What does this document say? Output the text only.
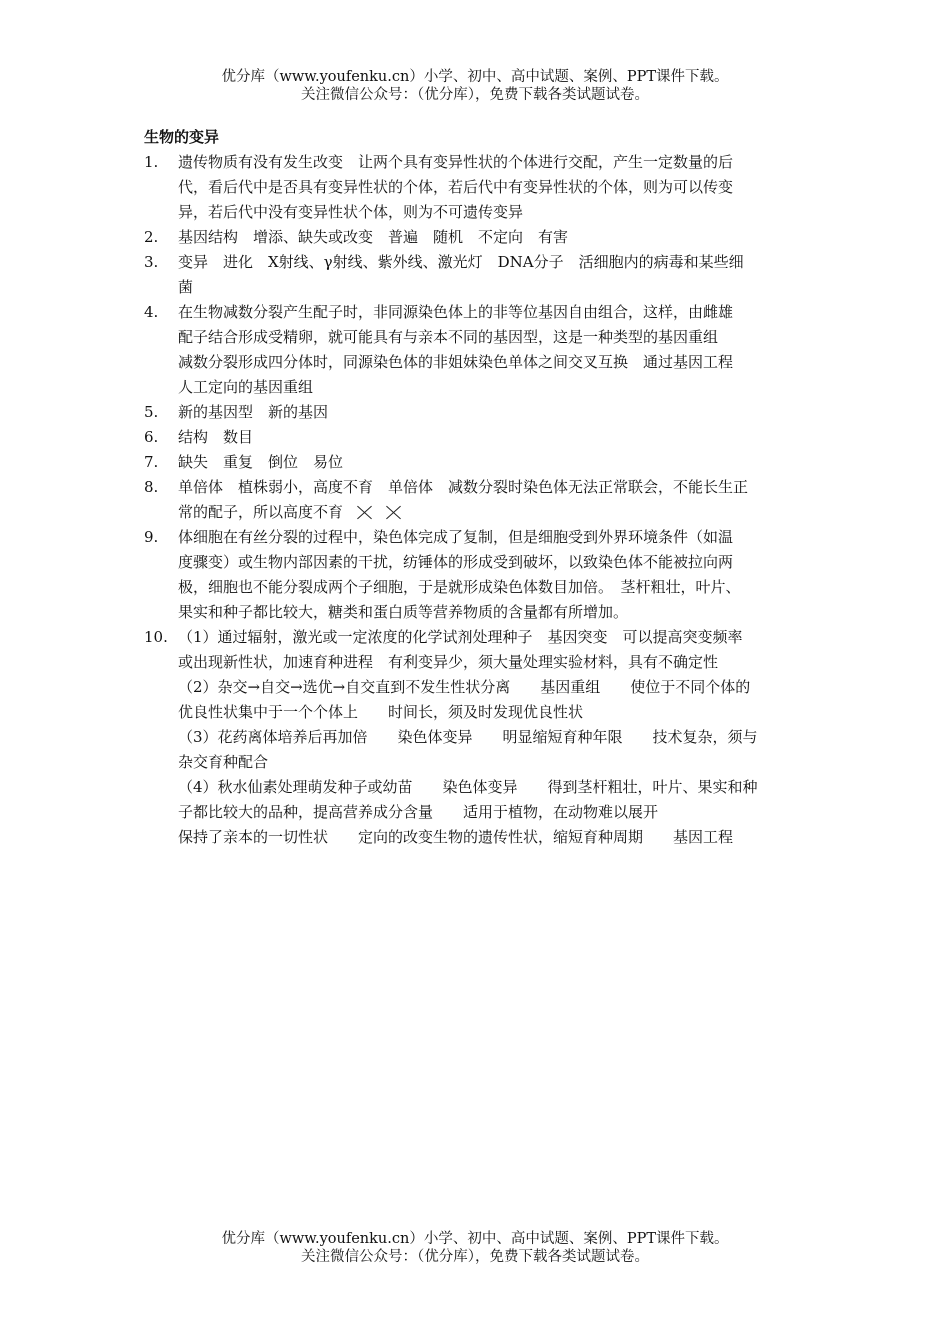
优分库（www.youfenku.cn）小学、初中、高中试题、案例、PPT课件下载。
关注微信公众号：（优分库），免费下载各类试题试卷。
生物的变异
1.	遗传物质有没有发生改变　让两个具有变异性状的个体进行交配，产生一定数量的后
代，看后代中是否具有变异性状的个体，若后代中有变异性状的个体，则为可以传变
异，若后代中没有变异性状个体，则为不可遗传变异
2.	基因结构　增添、缺失或改变　普遍　随机　不定向　有害
3.	变异　进化　X射线、γ射线、紫外线、激光灯　DNA分子　活细胞内的病毒和某些细
菌
4.	在生物减数分裂产生配子时，非同源染色体上的非等位基因自由组合，这样，由雌雄
配子结合形成受精卵，就可能具有与亲本不同的基因型，这是一种类型的基因重组
减数分裂形成四分体时，同源染色体的非姐妹染色单体之间交叉互换　通过基因工程
人工定向的基因重组
5.	新的基因型　新的基因
6.	结构　数目
7.	缺失　重复　倒位　易位
8.	单倍体　植株弱小，高度不育　单倍体　减数分裂时染色体无法正常联会，不能长生正
常的配子，所以高度不育
9.	体细胞在有丝分裂的过程中，染色体完成了复制，但是细胞受到外界环境条件（如温
度骤变）或生物内部因素的干扰，纺锤体的形成受到破坏，以致染色体不能被拉向两
极，细胞也不能分裂成两个子细胞，于是就形成染色体数目加倍。　茎杆粗壮，叶片、
果实和种子都比较大，糖类和蛋白质等营养物质的含量都有所增加。
10. （1）通过辐射，激光或一定浓度的化学试剂处理种子　基因突变　可以提高突变频率
或出现新性状，加速育种进程　有利变异少，须大量处理实验材料，具有不确定性
（2）杂交→自交→选优→自交直到不发生性状分离　　基因重组　　使位于不同个体的
优良性状集中于一个个体上　　时间长，须及时发现优良性状
（3）花药离体培养后再加倍　　染色体变异　　明显缩短育种年限　　技术复杂，须与
杂交育种配合
（4）秋水仙素处理萌发种子或幼苗　　染色体变异　　得到茎杆粗壮，叶片、果实和种
子都比较大的品种，提高营养成分含量　　适用于植物，在动物难以展开
保持了亲本的一切性状　　定向的改变生物的遗传性状，缩短育种周期　　基因工程
优分库（www.youfenku.cn）小学、初中、高中试题、案例、PPT课件下载。
关注微信公众号：（优分库），免费下载各类试题试卷。
